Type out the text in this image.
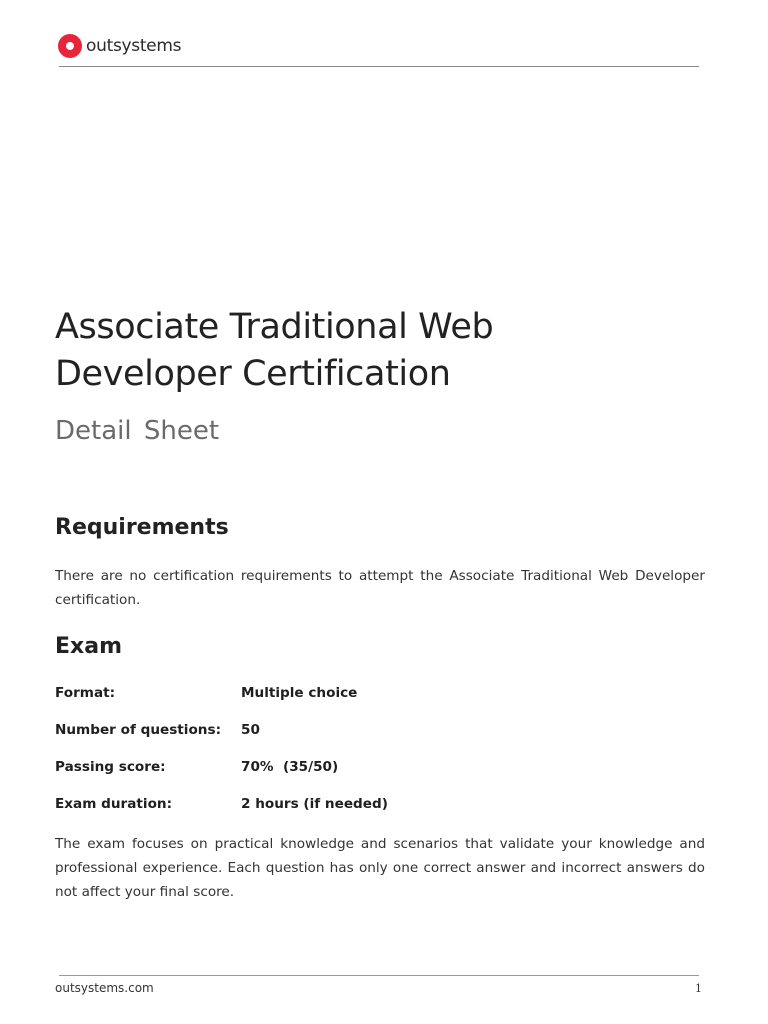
outsystems
Associate Traditional Web
Developer Certification
Detail Sheet
Requirements

There are no certification requirements to attempt the Associate Traditional Web Developer certification.

Exam
Format:	Multiple choice
Number of questions:	50
Passing score:	70%  (35/50)
Exam duration:	2 hours (if needed)

The exam focuses on practical knowledge and scenarios that validate your knowledge and professional experience. Each question has only one correct answer and incorrect answers do not affect your final score.

outsystems.com	1
